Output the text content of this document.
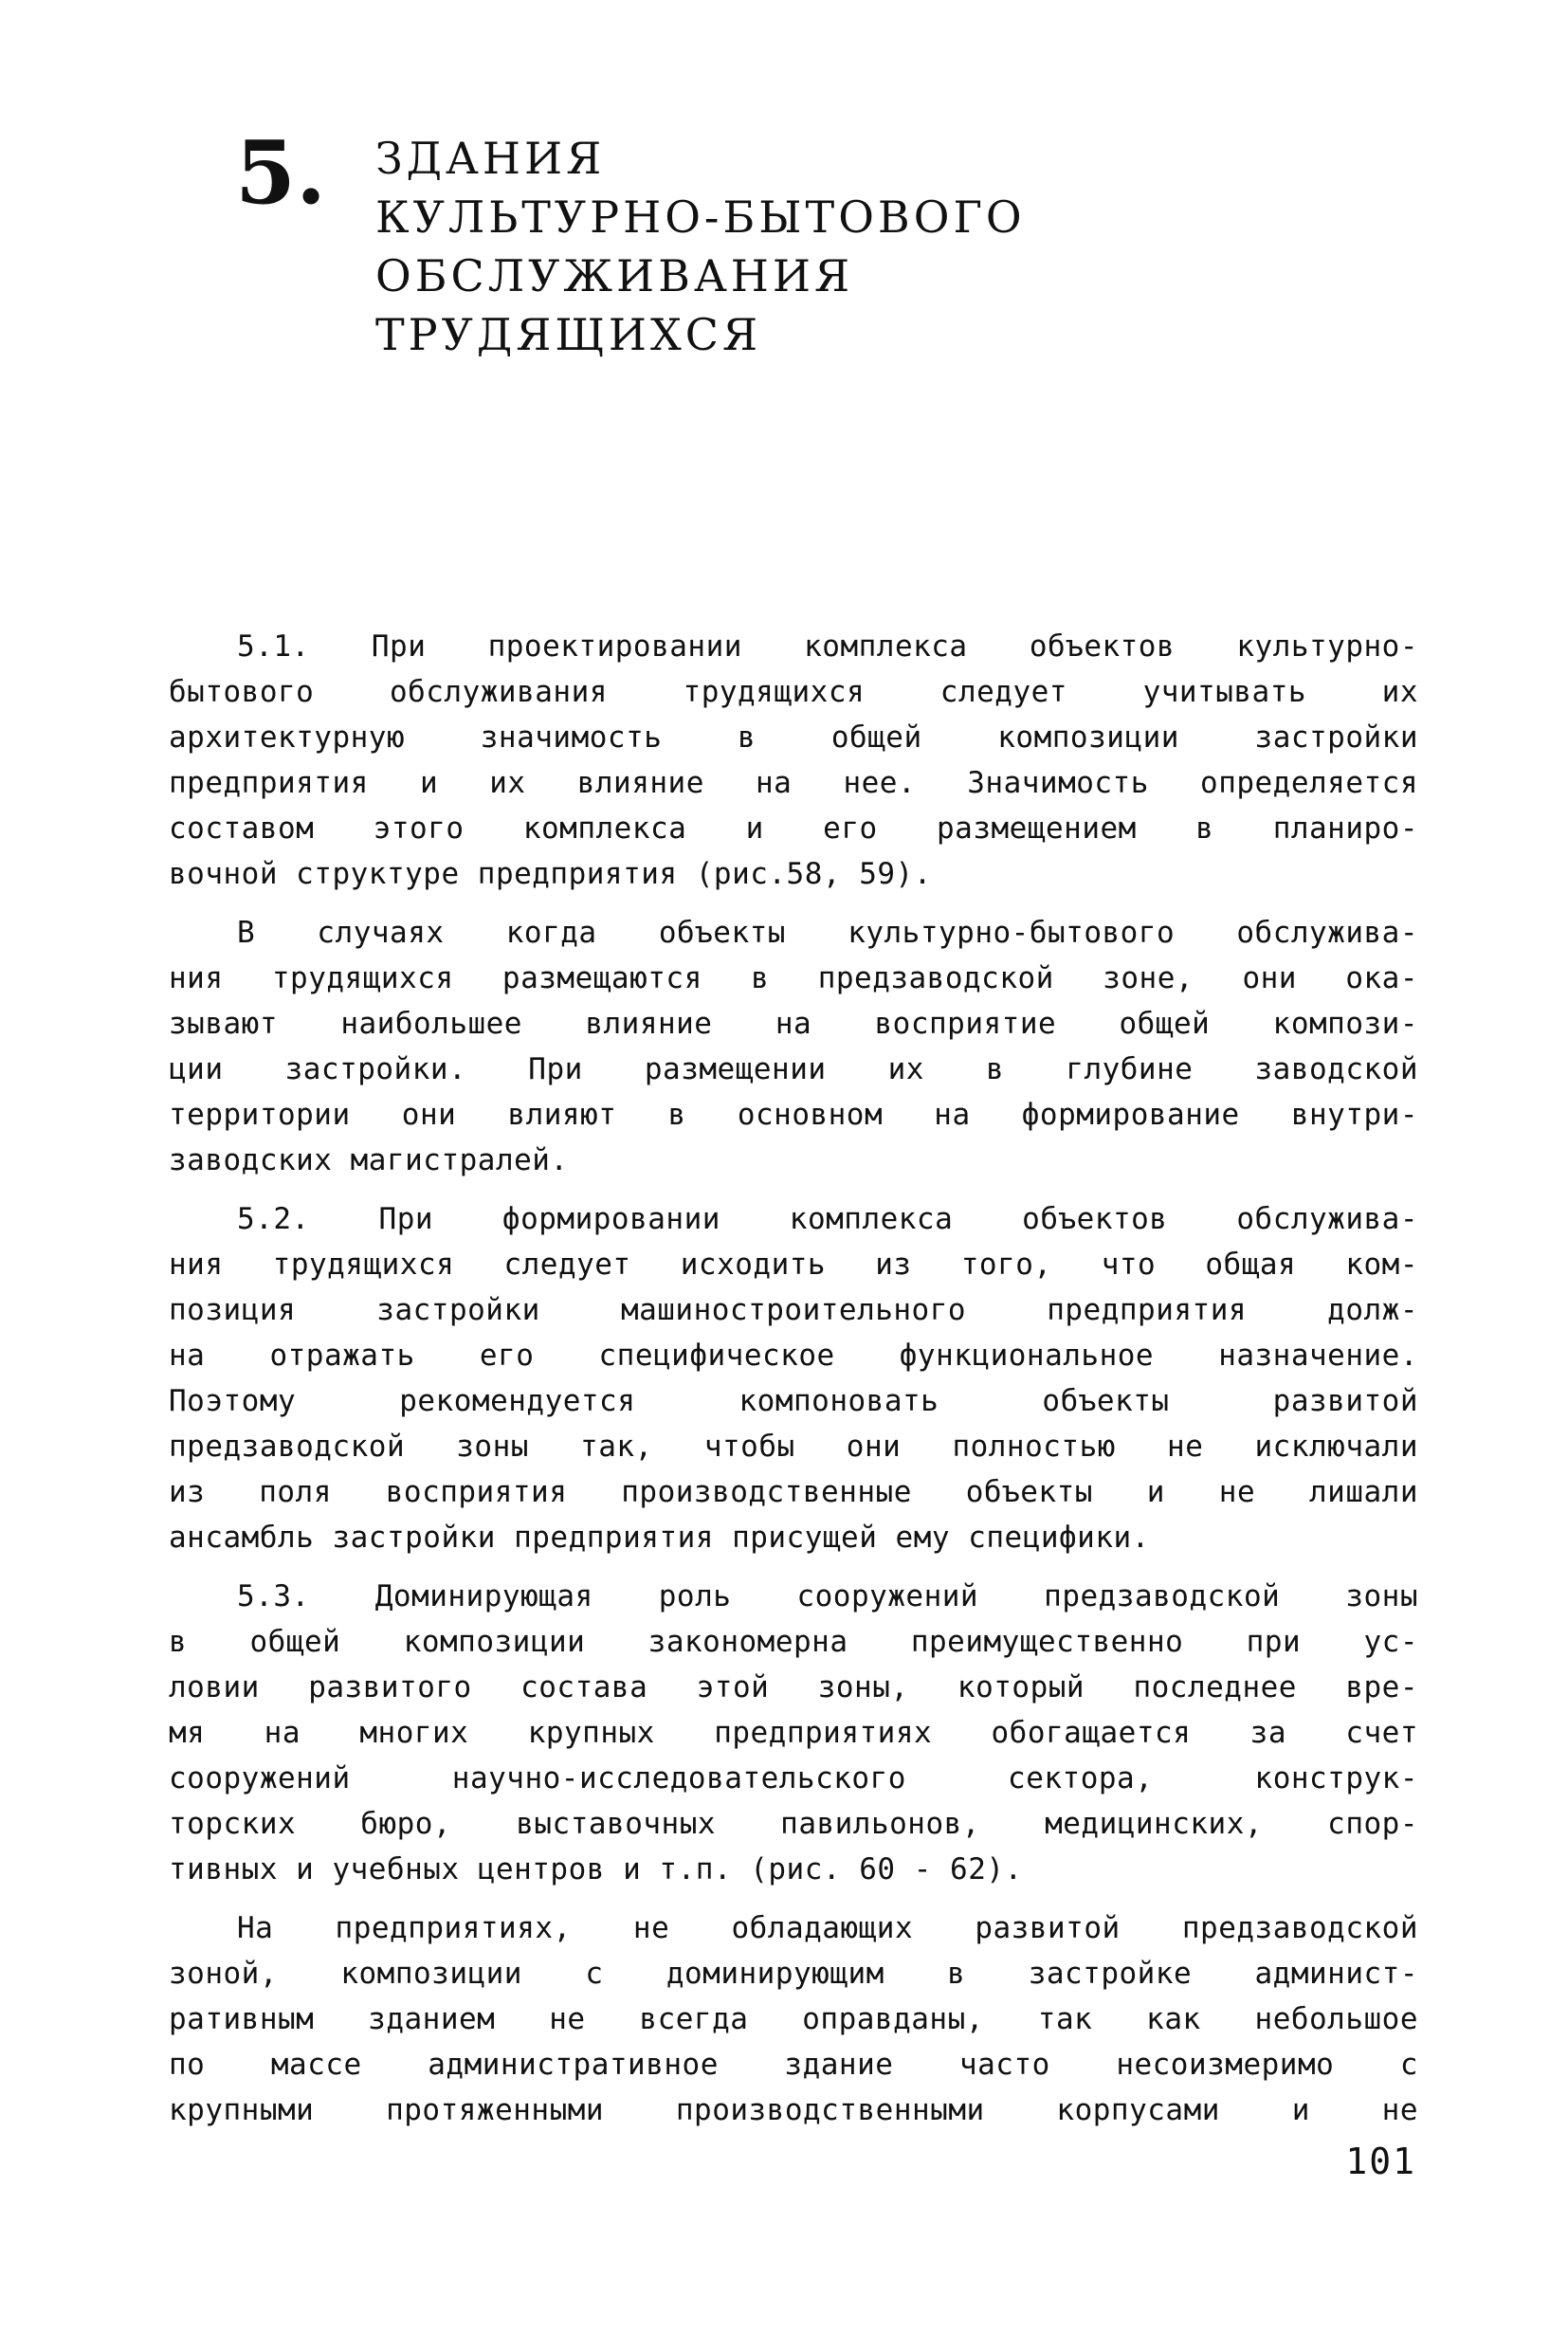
5. ЗДАНИЯ
КУЛЬТУРНО-БЫТОВОГО
ОБСЛУЖИВАНИЯ
ТРУДЯЩИХСЯ
5.1. При проектировании комплекса объектов культурно-
бытового обслуживания трудящихся следует учитывать их
архитектурную значимость в общей композиции застройки
предприятия и их влияние на нее. Значимость определяется
составом этого комплекса и его размещением в планиро-
вочной структуре предприятия (рис.58, 59).
В случаях когда объекты культурно-бытового обслужива-
ния трудящихся размещаются в предзаводской зоне, они ока-
зывают наибольшее влияние на восприятие общей компози-
ции застройки. При размещении их в глубине заводской
территории они влияют в основном на формирование внутри-
заводских магистралей.
5.2. При формировании комплекса объектов обслужива-
ния трудящихся следует исходить из того, что общая ком-
позиция застройки машиностроительного предприятия долж-
на отражать его специфическое функциональное назначение.
Поэтому рекомендуется компоновать объекты развитой
предзаводской зоны так, чтобы они полностью не исключали
из поля восприятия производственные объекты и не лишали
ансамбль застройки предприятия присущей ему специфики.
5.3. Доминирующая роль сооружений предзаводской зоны
в общей композиции закономерна преимущественно при ус-
ловии развитого состава этой зоны, который последнее вре-
мя на многих крупных предприятиях обогащается за счет
сооружений научно-исследовательского сектора, конструк-
торских бюро, выставочных павильонов, медицинских, спор-
тивных и учебных центров и т.п. (рис. 60 - 62).
На предприятиях, не обладающих развитой предзаводской
зоной, композиции с доминирующим в застройке админист-
ративным зданием не всегда оправданы, так как небольшое
по массе административное здание часто несоизмеримо с
крупными протяженными производственными корпусами и не
101
